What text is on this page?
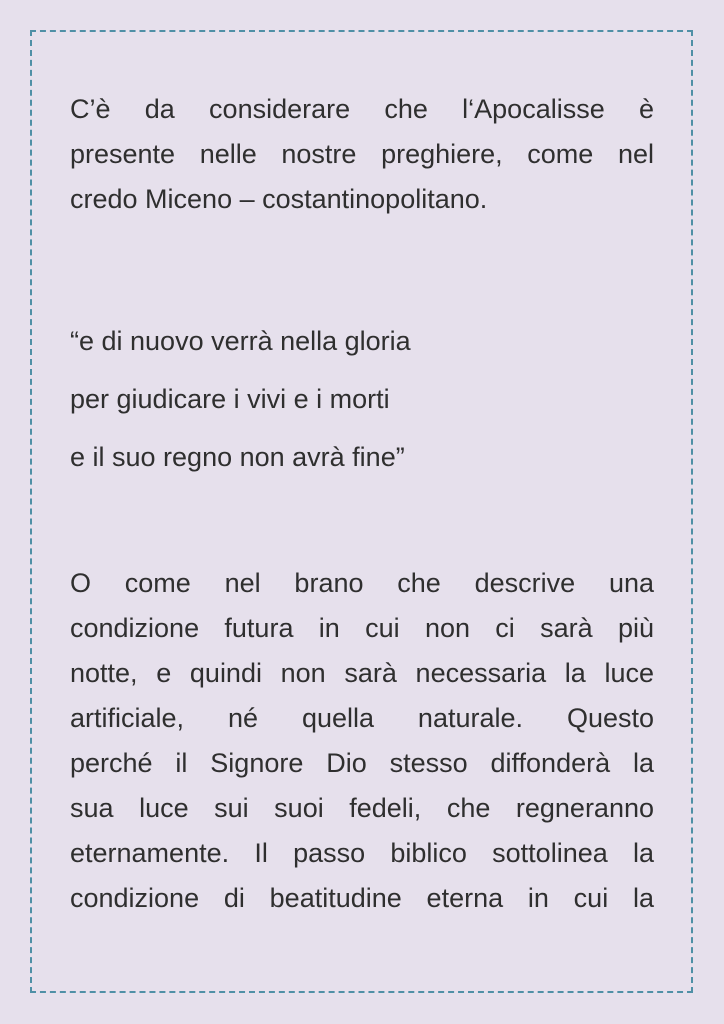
C’è da considerare che l‘Apocalisse è
presente nelle nostre preghiere, come nel
credo Miceno – costantinopolitano.

“e di nuovo verrà nella gloria
per giudicare i vivi e i morti
e il suo regno non avrà fine”

O come nel brano che descrive una
condizione futura in cui non ci sarà più
notte, e quindi non sarà necessaria la luce
artificiale, né quella naturale. Questo
perché il Signore Dio stesso diffonderà la
sua luce sui suoi fedeli, che regneranno
eternamente. Il passo biblico sottolinea la
condizione di beatitudine eterna in cui la
